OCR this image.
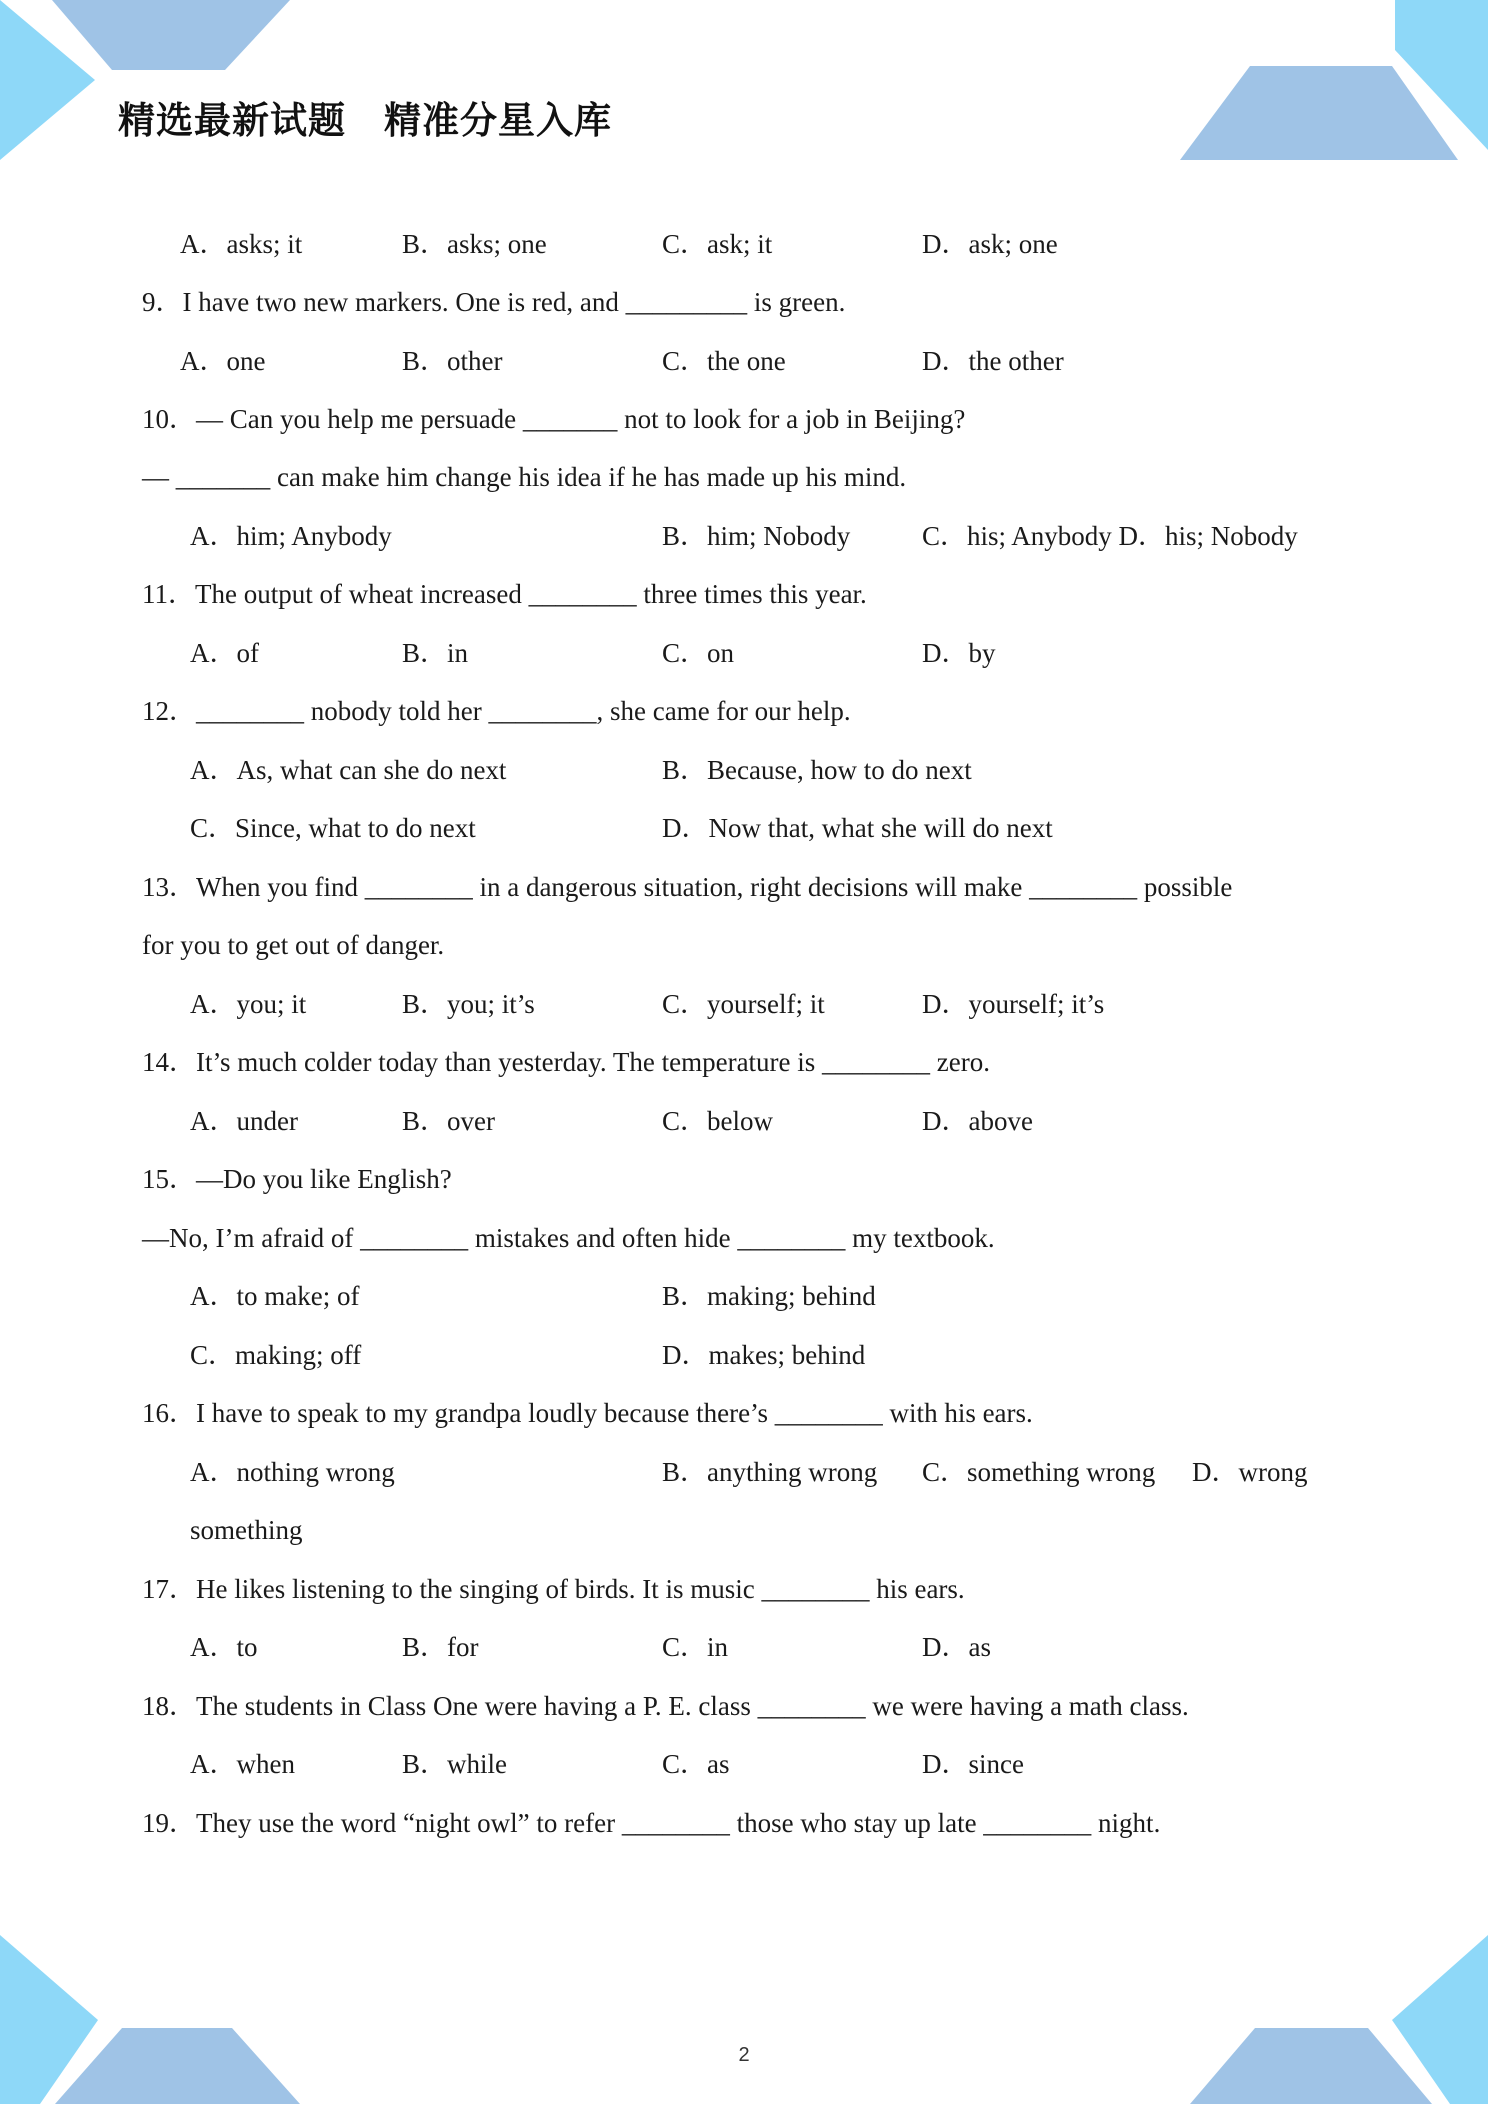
精选最新试题　精准分星入库
A．asks; it	B．asks; one	C．ask; it	D．ask; one
9．I have two new markers. One is red, and _________ is green.
A．one	B．other	C．the one	D．the other
10．— Can you help me persuade _______ not to look for a job in Beijing?
— _______ can make him change his idea if he has made up his mind.
A．him; Anybody	B．him; Nobody	C．his; Anybody D．his; Nobody
11．The output of wheat increased ________ three times this year.
A．of	B．in	C．on	D．by
12．________ nobody told her ________, she came for our help.
A．As, what can she do next	B．Because, how to do next
C．Since, what to do next	D．Now that, what she will do next
13．When you find ________ in a dangerous situation, right decisions will make ________ possible
for you to get out of danger.
A．you; it	B．you; it’s	C．yourself; it	D．yourself; it’s
14．It’s much colder today than yesterday. The temperature is ________ zero.
A．under	B．over	C．below	D．above
15．—Do you like English?
—No, I’m afraid of ________ mistakes and often hide ________ my textbook.
A．to make; of	B．making; behind
C．making; off	D．makes; behind
16．I have to speak to my grandpa loudly because there’s ________ with his ears.
A．nothing wrong	B．anything wrong C．something wrong D．wrong
something
17．He likes listening to the singing of birds. It is music ________ his ears.
A．to	B．for	C．in	D．as
18．The students in Class One were having a P. E. class ________ we were having a math class.
A．when	B．while	C．as	D．since
19．They use the word “night owl” to refer ________ those who stay up late ________ night.
2
